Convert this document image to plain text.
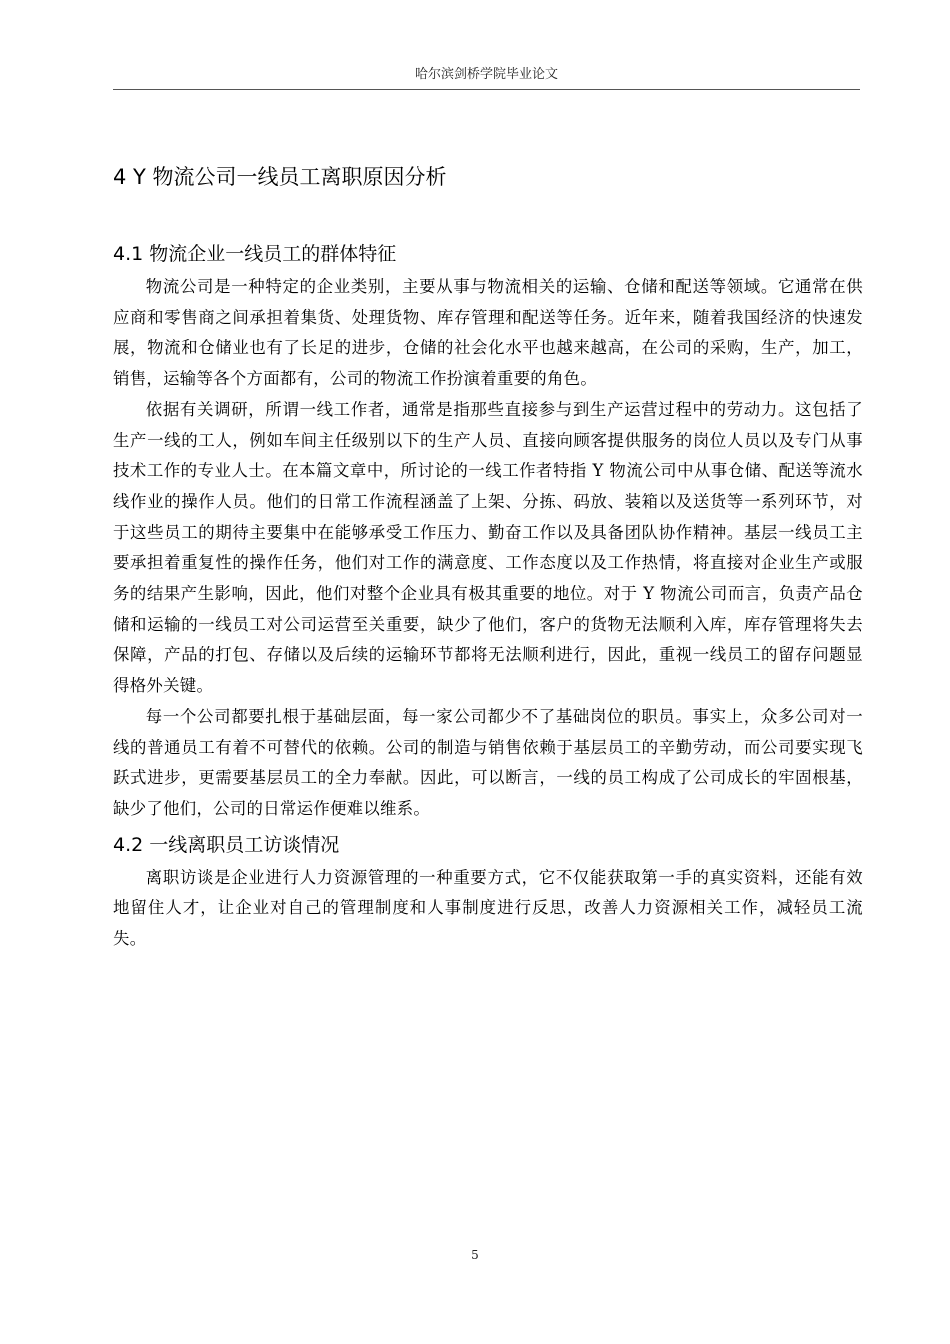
哈尔滨剑桥学院毕业论文
4 Y 物流公司一线员工离职原因分析
4.1 物流企业一线员工的群体特征

物流公司是一种特定的企业类别，主要从事与物流相关的运输、仓储和配送等领域。它通常在供应商和零售商之间承担着集货、处理货物、库存管理和配送等任务。近年来，随着我国经济的快速发展，物流和仓储业也有了长足的进步，仓储的社会化水平也越来越高，在公司的采购，生产，加工，销售，运输等各个方面都有，公司的物流工作扮演着重要的角色。

依据有关调研，所谓一线工作者，通常是指那些直接参与到生产运营过程中的劳动力。这包括了生产一线的工人，例如车间主任级别以下的生产人员、直接向顾客提供服务的岗位人员以及专门从事技术工作的专业人士。在本篇文章中，所讨论的一线工作者特指 Y 物流公司中从事仓储、配送等流水线作业的操作人员。他们的日常工作流程涵盖了上架、分拣、码放、装箱以及送货等一系列环节，对于这些员工的期待主要集中在能够承受工作压力、勤奋工作以及具备团队协作精神。基层一线员工主要承担着重复性的操作任务，他们对工作的满意度、工作态度以及工作热情，将直接对企业生产或服务的结果产生影响，因此，他们对整个企业具有极其重要的地位。对于 Y 物流公司而言，负责产品仓储和运输的一线员工对公司运营至关重要，缺少了他们，客户的货物无法顺利入库，库存管理将失去保障，产品的打包、存储以及后续的运输环节都将无法顺利进行，因此，重视一线员工的留存问题显得格外关键。

每一个公司都要扎根于基础层面，每一家公司都少不了基础岗位的职员。事实上，众多公司对一线的普通员工有着不可替代的依赖。公司的制造与销售依赖于基层员工的辛勤劳动，而公司要实现飞跃式进步，更需要基层员工的全力奉献。因此，可以断言，一线的员工构成了公司成长的牢固根基，缺少了他们，公司的日常运作便难以维系。

4.2 一线离职员工访谈情况

离职访谈是企业进行人力资源管理的一种重要方式，它不仅能获取第一手的真实资料，还能有效地留住人才，让企业对自己的管理制度和人事制度进行反思，改善人力资源相关工作，减轻员工流失。

5
